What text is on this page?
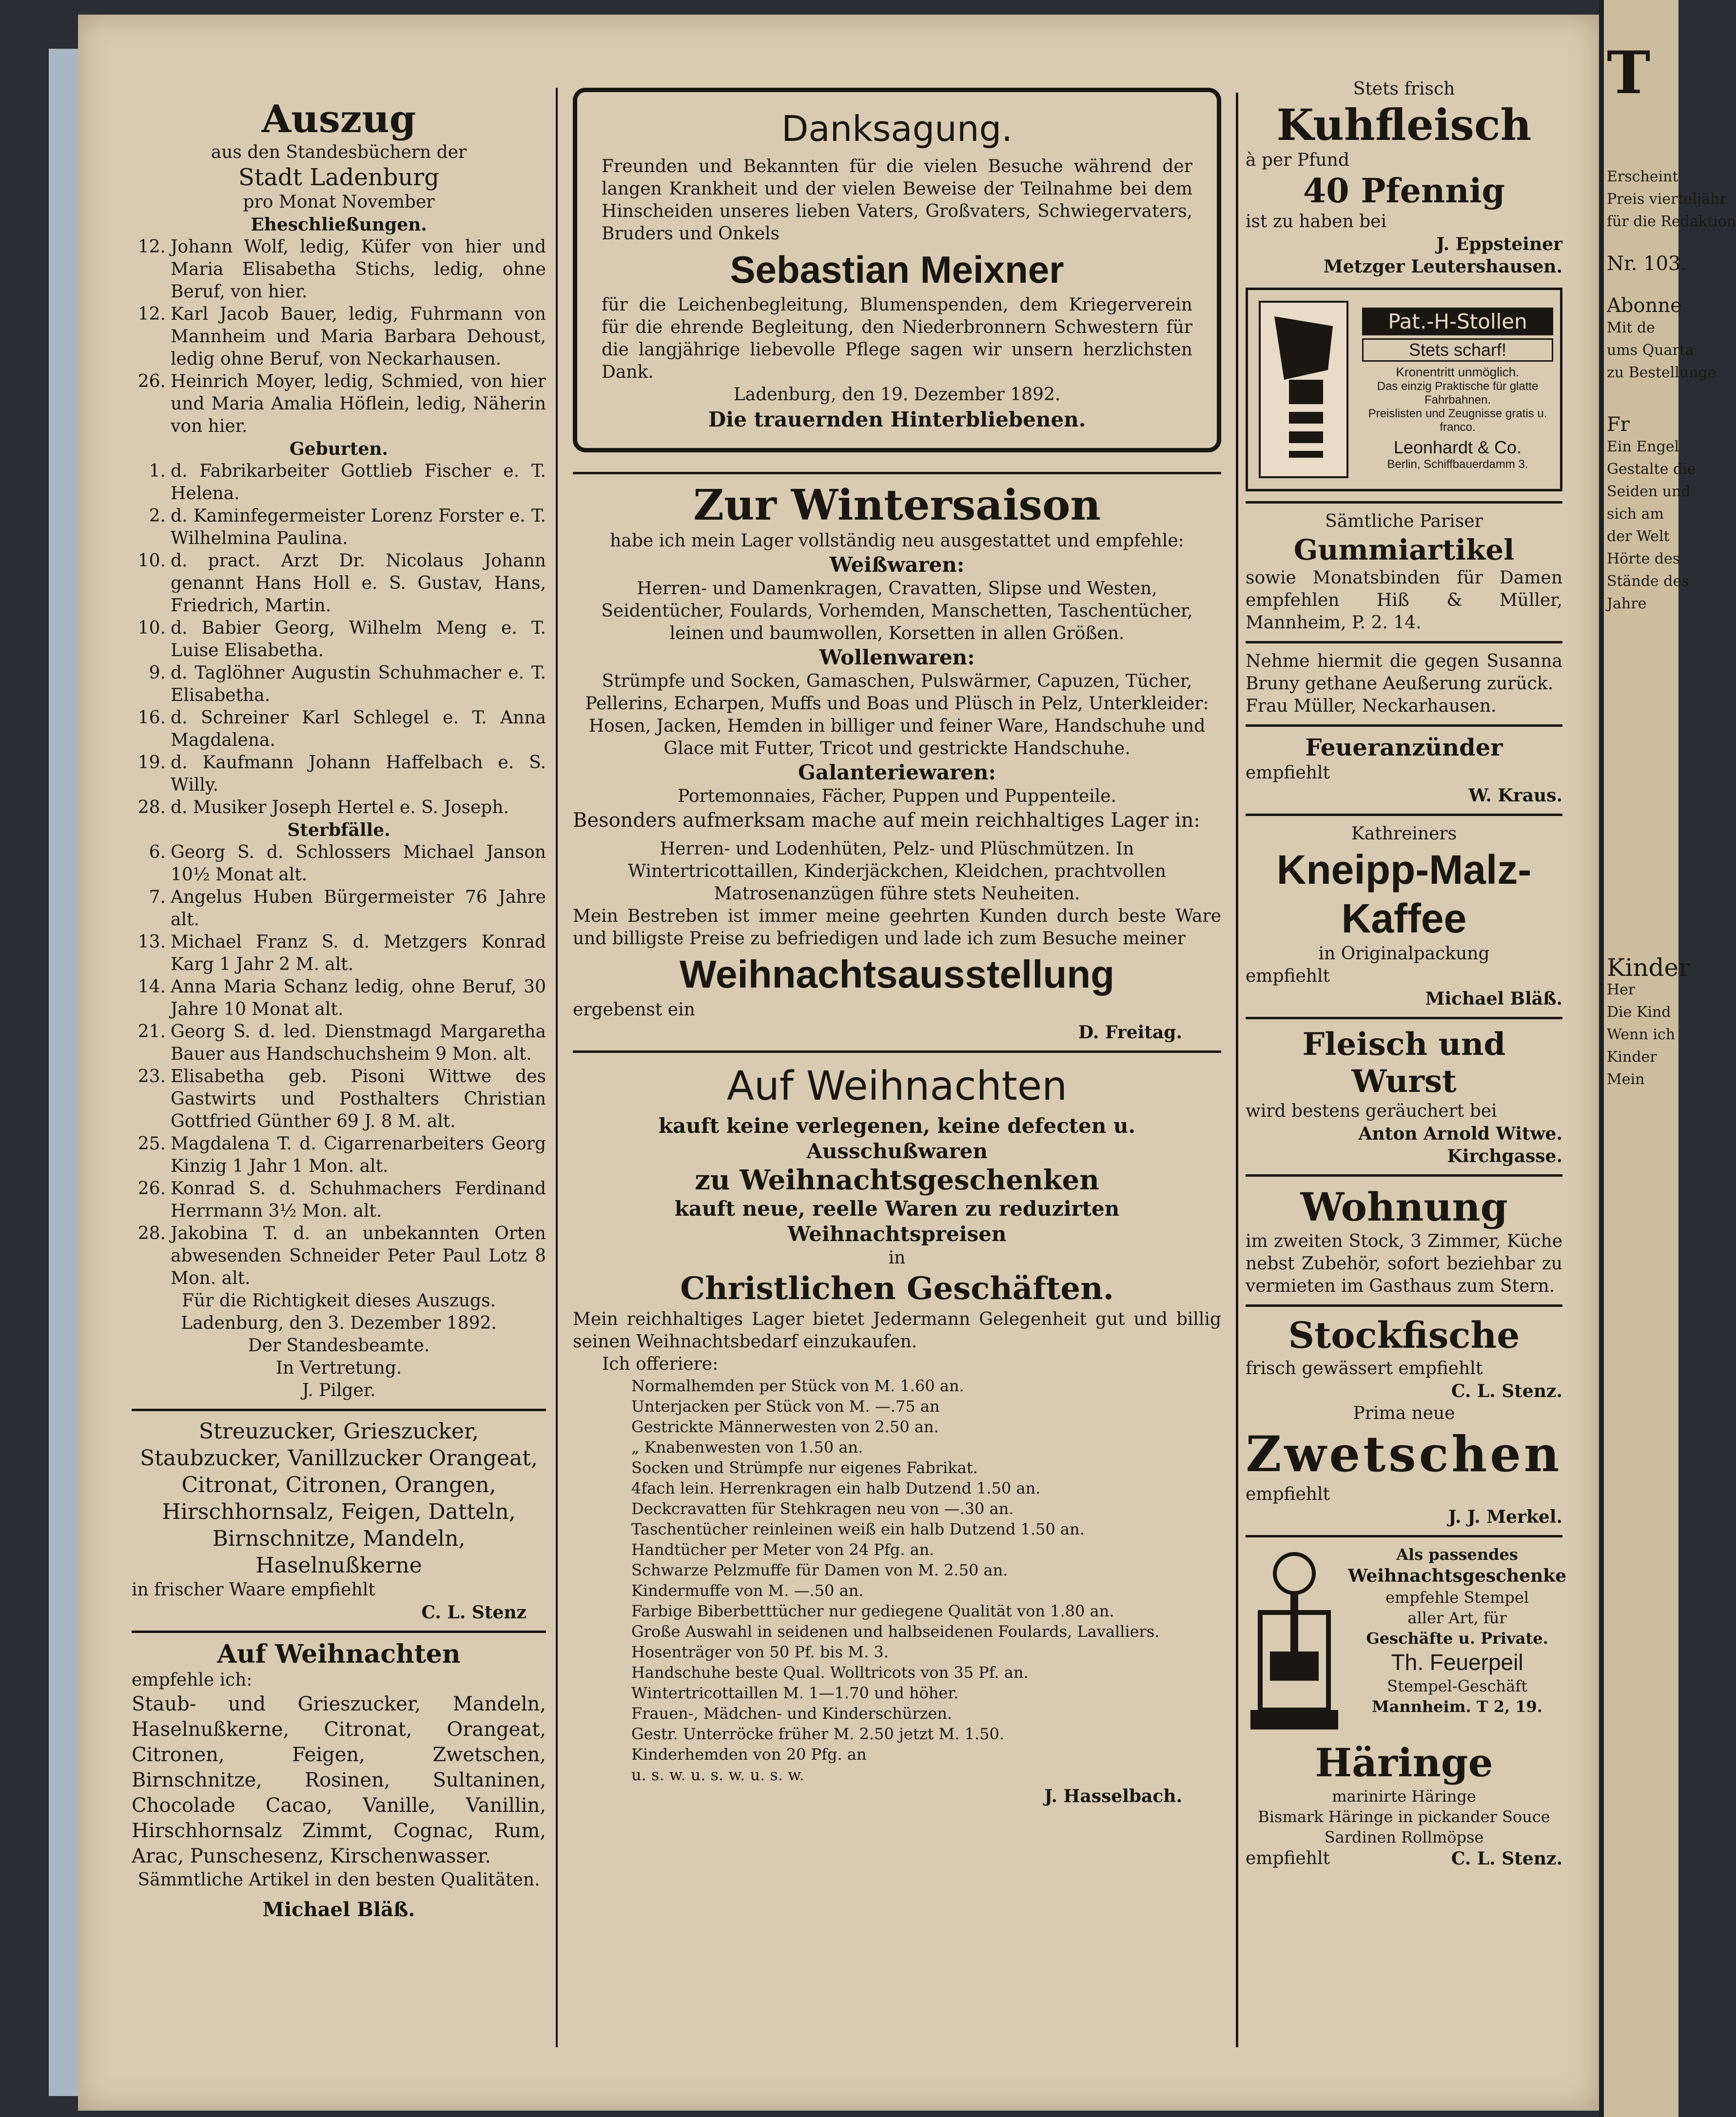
Auszug
aus den Standesbüchern der
Stadt Ladenburg
pro Monat November
Eheschließungen.
12. Johann Wolf, ledig, Küfer von hier und Maria Elisabetha Stichs, ledig, ohne Beruf, von hier.
12. Karl Jacob Bauer, ledig, Fuhrmann von Mannheim und Maria Barbara Dehoust, ledig ohne Beruf, von Neckarhausen.
26. Heinrich Moyer, ledig, Schmied, von hier und Maria Amalia Höflein, ledig, Näherin von hier.
Geburten.
1. d. Fabrikarbeiter Gottlieb Fischer e. T. Helena.
2. d. Kaminfegermeister Lorenz Forster e. T. Wilhelmina Paulina.
10. d. pract. Arzt Dr. Nicolaus Johann genannt Hans Holl e. S. Gustav, Hans, Friedrich, Martin.
10. d. Babier Georg, Wilhelm Meng e. T. Luise Elisabetha.
9. d. Taglöhner Augustin Schuhmacher e. T. Elisabetha.
16. d. Schreiner Karl Schlegel e. T. Anna Magdalena.
19. d. Kaufmann Johann Haffelbach e. S. Willy.
28. d. Musiker Joseph Hertel e. S. Joseph.
Sterbfälle.
6. Georg S. d. Schlossers Michael Janson 10½ Monat alt.
7. Angelus Huben Bürgermeister 76 Jahre alt.
13. Michael Franz S. d. Metzgers Konrad Karg 1 Jahr 2 M. alt.
14. Anna Maria Schanz ledig, ohne Beruf, 30 Jahre 10 Monat alt.
21. Georg S. d. led. Dienstmagd Margaretha Bauer aus Handschuchsheim 9 Mon. alt.
23. Elisabetha geb. Pisoni Wittwe des Gastwirts und Posthalters Christian Gottfried Günther 69 J. 8 M. alt.
25. Magdalena T. d. Cigarrenarbeiters Georg Kinzig 1 Jahr 1 Mon. alt.
26. Konrad S. d. Schuhmachers Ferdinand Herrmann 3½ Mon. alt.
28. Jakobina T. d. an unbekannten Orten abwesenden Schneider Peter Paul Lotz 8 Mon. alt.
Für die Richtigkeit dieses Auszugs.
Ladenburg, den 3. Dezember 1892.
Der Standesbeamte.
In Vertretung.
J. Pilger.
Streuzucker, Grieszucker, Staubzucker, Vanillzucker Orangeat, Citronat, Citronen, Orangen, Hirschhornsalz, Feigen, Datteln, Birnschnitze, Mandeln, Haselnußkerne
in frischer Waare empfiehlt
C. L. Stenz
Auf Weihnachten
empfehle ich:
Staub- und Grieszucker, Mandeln, Haselnußkerne, Citronat, Orangeat, Citronen, Feigen, Zwetschen, Birnschnitze, Rosinen, Sultaninen, Chocolade Cacao, Vanille, Vanillin, Hirschhornsalz Zimmt, Cognac, Rum, Arac, Punschesenz, Kirschenwasser.
Sämmtliche Artikel in den besten Qualitäten.
Michael Bläß.
Danksagung.
Freunden und Bekannten für die vielen Besuche während der langen Krankheit und der vielen Beweise der Teilnahme bei dem Hinscheiden unseres lieben Vaters, Großvaters, Schwiegervaters, Bruders und Onkels
Sebastian Meixner
für die Leichenbegleitung, Blumenspenden, dem Kriegerverein für die ehrende Begleitung, den Niederbronnern Schwestern für die langjährige liebevolle Pflege sagen wir unsern herzlichsten Dank.
Ladenburg, den 19. Dezember 1892.
Die trauernden Hinterbliebenen.
Zur Wintersaison
habe ich mein Lager vollständig neu ausgestattet und empfehle:
Weißwaren:
Herren- und Damenkragen, Cravatten, Slipse und Westen, Seidentücher, Foulards, Vorhemden, Manschetten, Taschentücher, leinen und baumwollen, Korsetten in allen Größen.
Wollenwaren:
Strümpfe und Socken, Gamaschen, Pulswärmer, Capuzen, Tücher, Pellerins, Echarpen, Muffs und Boas und Plüsch in Pelz, Unterkleider: Hosen, Jacken, Hemden in billiger und feiner Ware, Handschuhe und Glace mit Futter, Tricot und gestrickte Handschuhe.
Galanteriewaren:
Portemonnaies, Fächer, Puppen und Puppenteile.
Besonders aufmerksam mache auf mein reichhaltiges Lager in:
Herren- und Lodenhüten, Pelz- und Plüschmützen. In Wintertricottaillen, Kinderjäckchen, Kleidchen, prachtvollen Matrosenanzügen führe stets Neuheiten.
Mein Bestreben ist immer meine geehrten Kunden durch beste Ware und billigste Preise zu befriedigen und lade ich zum Besuche meiner
Weihnachtsausstellung
ergebenst ein
D. Freitag.
Auf Weihnachten
kauft keine verlegenen, keine defecten u. Ausschußwaren
zu Weihnachtsgeschenken
kauft neue, reelle Waren zu reduzirten Weihnachtspreisen
in
Christlichen Geschäften.
Mein reichhaltiges Lager bietet Jedermann Gelegenheit gut und billig seinen Weihnachtsbedarf einzukaufen.
Ich offeriere:
Normalhemden per Stück von M. 1.60 an.
Unterjacken per Stück von M. —.75 an
Gestrickte Männerwesten von 2.50 an.
„ Knabenwesten von 1.50 an.
Socken und Strümpfe nur eigenes Fabrikat.
4fach lein. Herrenkragen ein halb Dutzend 1.50 an.
Deckcravatten für Stehkragen neu von —.30 an.
Taschentücher reinleinen weiß ein halb Dutzend 1.50 an.
Handtücher per Meter von 24 Pfg. an.
Schwarze Pelzmuffe für Damen von M. 2.50 an.
Kindermuffe von M. —.50 an.
Farbige Biberbetttücher nur gediegene Qualität von 1.80 an.
Große Auswahl in seidenen und halbseidenen Foulards, Lavalliers.
Hosenträger von 50 Pf. bis M. 3.
Handschuhe beste Qual. Wolltricots von 35 Pf. an.
Wintertricottaillen M. 1—1.70 und höher.
Frauen-, Mädchen- und Kinderschürzen.
Gestr. Unterröcke früher M. 2.50 jetzt M. 1.50.
Kinderhemden von 20 Pfg. an
u. s. w. u. s. w. u. s. w.
J. Hasselbach.
Stets frisch
Kuhfleisch
à per Pfund
40 Pfennig
ist zu haben bei
J. Eppsteiner
Metzger Leutershausen.
Pat.-H-Stollen
Stets scharf!
Kronentritt unmöglich.
Das einzig Praktische für glatte Fahrbahnen.
Preislisten und Zeugnisse gratis u. franco.
Leonhardt & Co.
Berlin, Schiffbauerdamm 3.
Sämtliche Pariser
Gummiartikel
sowie Monatsbinden für Damen empfehlen Hiß & Müller, Mannheim, P. 2. 14.
Nehme hiermit die gegen Susanna Bruny gethane Aeußerung zurück.
Frau Müller, Neckarhausen.
Feueranzünder
empfiehlt
W. Kraus.
Kathreiners
Kneipp-Malz-Kaffee
in Originalpackung
empfiehlt
Michael Bläß.
Fleisch und Wurst
wird bestens geräuchert bei
Anton Arnold Witwe.
Kirchgasse.
Wohnung
im zweiten Stock, 3 Zimmer, Küche nebst Zubehör, sofort beziehbar zu vermieten im Gasthaus zum Stern.
Stockfische
frisch gewässert empfiehlt
C. L. Stenz.
Prima neue
Zwetschen
empfiehlt
J. J. Merkel.
Als passendes
Weihnachtsgeschenke
empfehle Stempel
aller Art, für
Geschäfte u. Private.
Th. Feuerpeil
Stempel-Geschäft
Mannheim. T 2, 19.
Häringe
marinirte Häringe
Bismark Häringe in pickander Souce
Sardinen Rollmöpse
empfiehlt	C. L. Stenz.
T
Erscheint
Preis vierteljähr
für die Redaktion
Nr. 103.
Abonne
Mit de
ums Quarta
zu Bestellunge
Fr
Ein Engel
Gestalte die
Seiden und
sich am
der Welt
Hörte des
Stände des
Jahre
Kinder
Her
Die Kind
Wenn ich
Kinder
Mein
